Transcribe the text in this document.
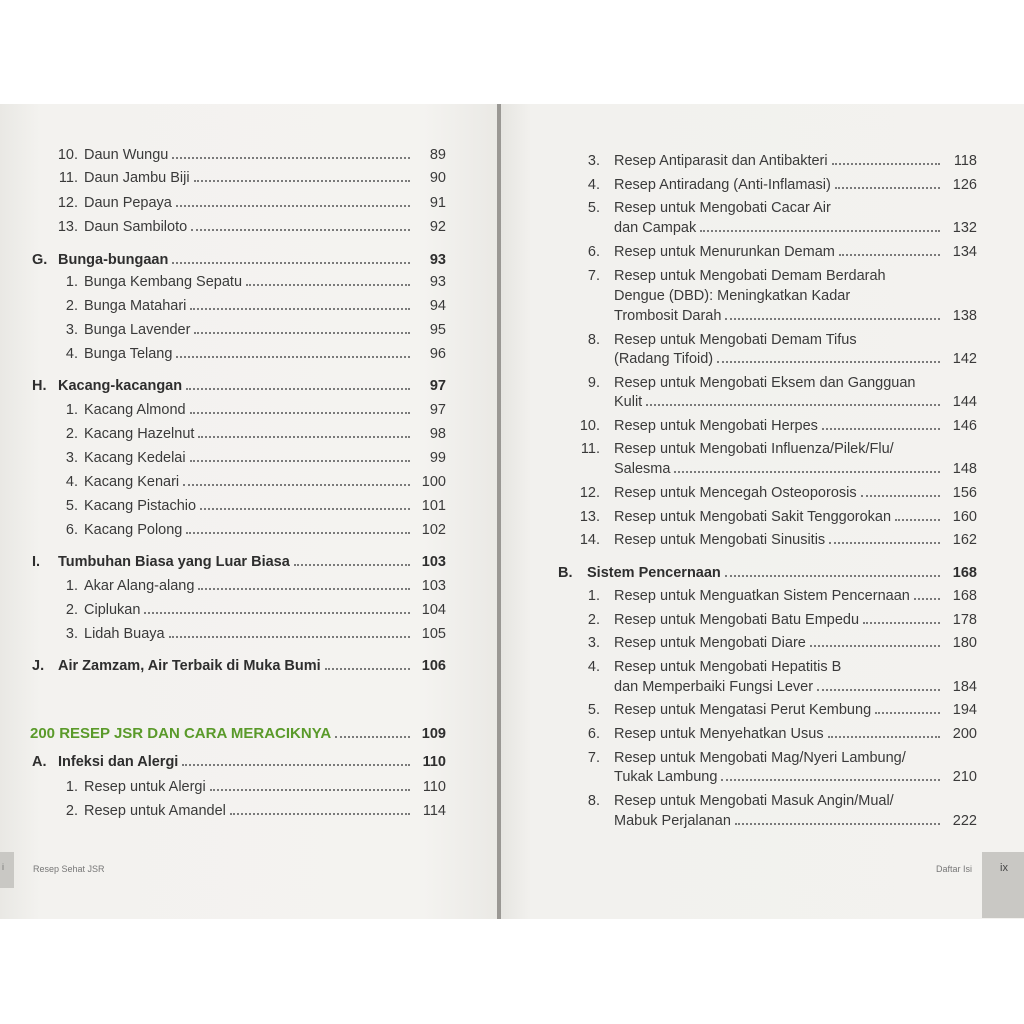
10. Daun Wungu	89
11. Daun Jambu Biji	90
12. Daun Pepaya	91
13. Daun Sambiloto	92
G. Bunga-bungaan	93
1. Bunga Kembang Sepatu	93
2. Bunga Matahari	94
3. Bunga Lavender	95
4. Bunga Telang	96
H. Kacang-kacangan	97
1. Kacang Almond	97
2. Kacang Hazelnut	98
3. Kacang Kedelai	99
4. Kacang Kenari	100
5. Kacang Pistachio	101
6. Kacang Polong	102
I.	Tumbuhan Biasa yang Luar Biasa	103
1. Akar Alang-alang	103
2. Ciplukan	104
3. Lidah Buaya	105
J. Air Zamzam, Air Terbaik di Muka Bumi	106
200 RESEP JSR DAN CARA MERACIKNYA	109
A. Infeksi dan Alergi	110
1. Resep untuk Alergi	110
2. Resep untuk Amandel	114
3. Resep Antiparasit dan Antibakteri	118
4. Resep Antiradang (Anti-Inflamasi)	126
5. Resep untuk Mengobati Cacar Air
dan Campak	132
6. Resep untuk Menurunkan Demam	134
7. Resep untuk Mengobati Demam Berdarah
Dengue (DBD): Meningkatkan Kadar
Trombosit Darah	138
8. Resep untuk Mengobati Demam Tifus
(Radang Tifoid)	142
9. Resep untuk Mengobati Eksem dan Gangguan
Kulit	144
10. Resep untuk Mengobati Herpes	146
11. Resep untuk Mengobati Influenza/Pilek/Flu/
Salesma	148
12. Resep untuk Mencegah Osteoporosis	156
13. Resep untuk Mengobati Sakit Tenggorokan	160
14. Resep untuk Mengobati Sinusitis	162
B.	Sistem Pencernaan	168
1. Resep untuk Menguatkan Sistem Pencernaan	168
2. Resep untuk Mengobati Batu Empedu	178
3. Resep untuk Mengobati Diare	180
4. Resep untuk Mengobati Hepatitis B
dan Memperbaiki Fungsi Lever	184
5. Resep untuk Mengatasi Perut Kembung	194
6. Resep untuk Menyehatkan Usus	200
7. Resep untuk Mengobati Mag/Nyeri Lambung/
Tukak Lambung	210
8. Resep untuk Mengobati Masuk Angin/Mual/
Mabuk Perjalanan	222
i	Resep Sehat JSR	Daftar Isi	ix
